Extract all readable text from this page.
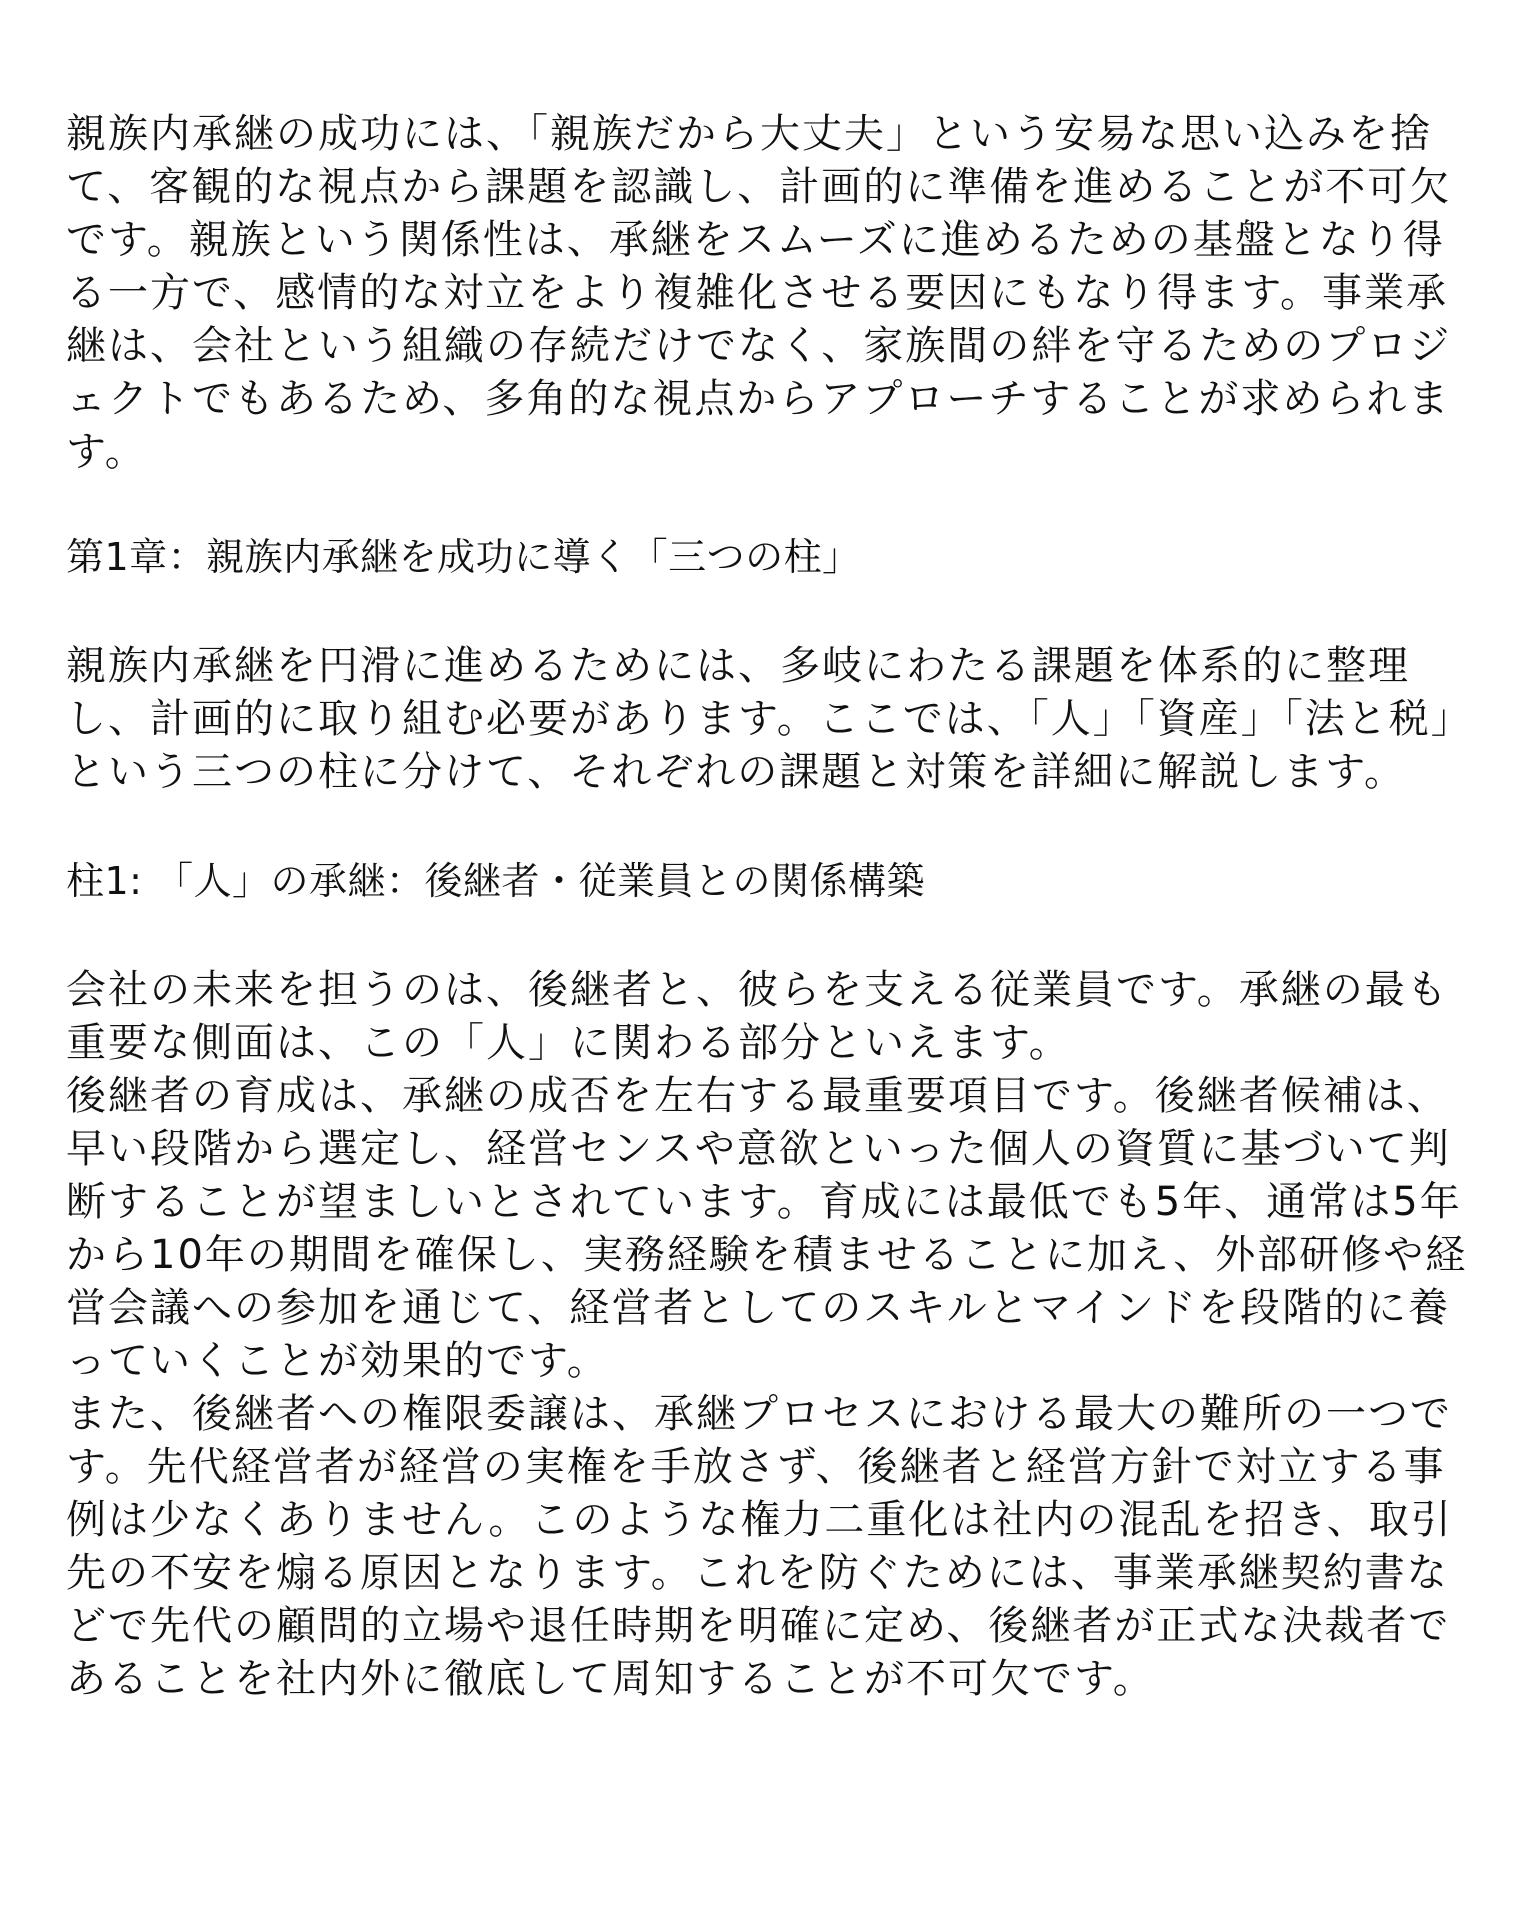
親族内承継の成功には、「親族だから大丈夫」という安易な思い込みを捨て、客観的な視点から課題を認識し、計画的に準備を進めることが不可欠です。親族という関係性は、承継をスムーズに進めるための基盤となり得る一方で、感情的な対立をより複雑化させる要因にもなり得ます。事業承継は、会社という組織の存続だけでなく、家族間の絆を守るためのプロジェクトでもあるため、多角的な視点からアプローチすることが求められます。

第1章：親族内承継を成功に導く「三つの柱」

親族内承継を円滑に進めるためには、多岐にわたる課題を体系的に整理し、計画的に取り組む必要があります。ここでは、「人」「資産」「法と税」という三つの柱に分けて、それぞれの課題と対策を詳細に解説します。

柱1: 「人」の承継：後継者・従業員との関係構築

会社の未来を担うのは、後継者と、彼らを支える従業員です。承継の最も重要な側面は、この「人」に関わる部分といえます。

後継者の育成は、承継の成否を左右する最重要項目です。後継者候補は、早い段階から選定し、経営センスや意欲といった個人の資質に基づいて判断することが望ましいとされています。育成には最低でも5年、通常は5年から10年の期間を確保し、実務経験を積ませることに加え、外部研修や経営会議への参加を通じて、経営者としてのスキルとマインドを段階的に養っていくことが効果的です。

また、後継者への権限委譲は、承継プロセスにおける最大の難所の一つです。先代経営者が経営の実権を手放さず、後継者と経営方針で対立する事例は少なくありません。このような権力二重化は社内の混乱を招き、取引先の不安を煽る原因となります。これを防ぐためには、事業承継契約書などで先代の顧問的立場や退任時期を明確に定め、後継者が正式な決裁者であることを社内外に徹底して周知することが不可欠です。
